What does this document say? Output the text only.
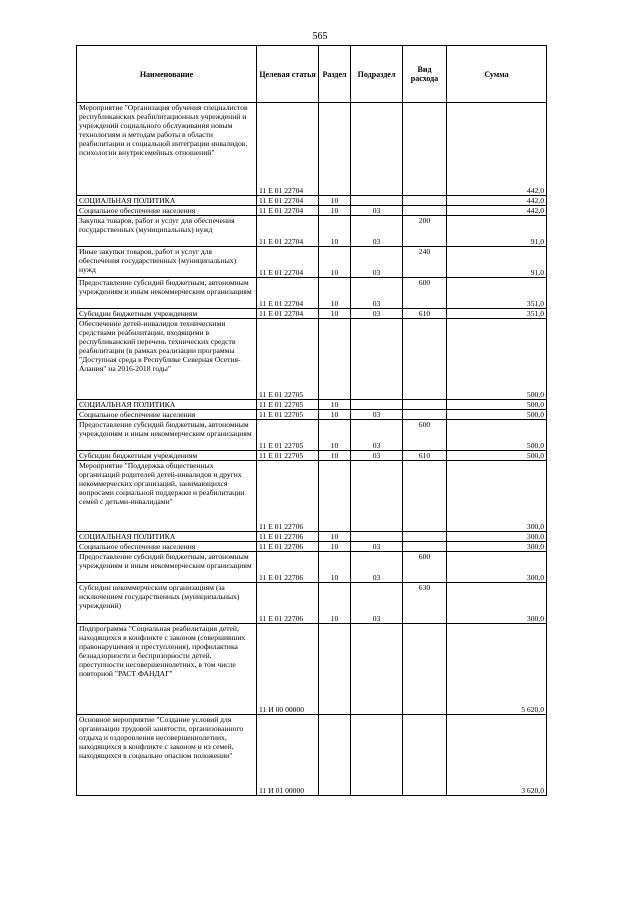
565
Наименование	Целевая статья	Раздел	Подраздел	Вид расхода	Сумма
Мероприятие "Организация обучения специалистов республиканских реабилитационных учреждений и учреждений социального обслуживания новым технологиям и методам работы в области реабилитации и социальной интеграции инвалидов, психологии внутрисемейных отношений"	11 Е 01 22704				442,0
СОЦИАЛЬНАЯ ПОЛИТИКА	11 Е 01 22704	10			442,0
Социальное обеспечение населения	11 Е 01 22704	10	03		442,0
Закупка товаров, работ и услуг для обеспечения государственных (муниципальных) нужд	11 Е 01 22704	10	03	200	91,0
Иные закупки товаров, работ и услуг для обеспечения государственных (муниципальных) нужд	11 Е 01 22704	10	03	240	91,0
Предоставление субсидий бюджетным, автономным учреждениям и иным некоммерческим организациям	11 Е 01 22704	10	03	600	351,0
Субсидии бюджетным учреждениям	11 Е 01 22704	10	03	610	351,0
Обеспечение детей-инвалидов техническими средствами реабилитации, входящими в республиканский перечень технических средств реабилитации (в рамках реализации программы "Доступная среда в Республике Северная Осетия-Алания" на 2016-2018 годы"	11 Е 01 22705				500,0
СОЦИАЛЬНАЯ ПОЛИТИКА	11 Е 01 22705	10			500,0
Социальное обеспечение населения	11 Е 01 22705	10	03		500,0
Предоставление субсидий бюджетным, автономным учреждениям и иным некоммерческим организациям	11 Е 01 22705	10	03	600	500,0
Субсидии бюджетным учреждениям	11 Е 01 22705	10	03	610	500,0
Мероприятие "Поддержка общественных организаций родителей детей-инвалидов и других некоммерческих организаций, занимающихся вопросами социальной поддержки и реабилитации семей с детьми-инвалидами"	11 Е 01 22706				300,0
СОЦИАЛЬНАЯ ПОЛИТИКА	11 Е 01 22706	10			300,0
Социальное обеспечение населения	11 Е 01 22706	10	03		300,0
Предоставление субсидий бюджетным, автономным учреждениям и иным некоммерческим организациям	11 Е 01 22706	10	03	600	300,0
Субсидии некоммерческим организациям (за исключением государственных (муниципальных) учреждений)	11 Е 01 22706	10	03	630	300,0
Подпрограмма "Социальная реабилитация детей, находящихся в конфликте с законом (совершивших правонарушения и преступления), профилактика безнадзорности и беспризорности детей, преступности несовершеннолетних, в том числе повторной "РАСТ ФАНДАГ"	11 И 00 00000				5 620,0
Основное мероприятие "Создание условий для организации трудовой занятости, организованного отдыха и оздоровления несовершеннолетних, находящихся в конфликте с законом и из семей, находящихся в социально опасном положении"	11 И 01 00000				3 620,0
